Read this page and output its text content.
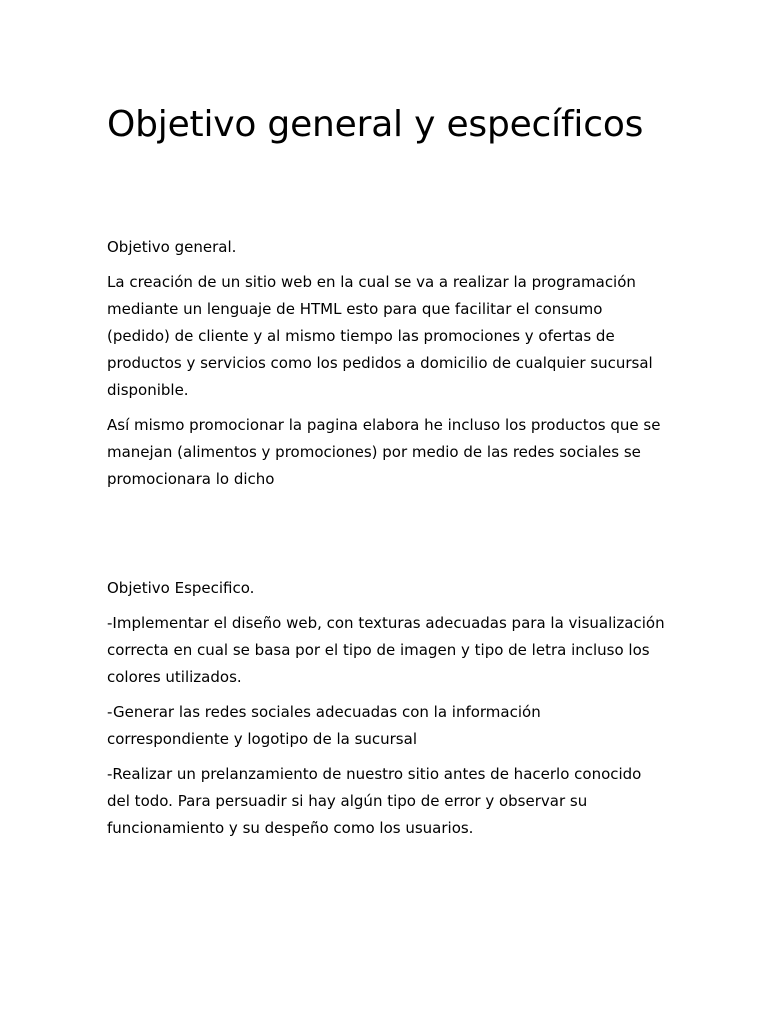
Objetivo general y específicos

Objetivo general.

La creación de un sitio web en la cual se va a realizar la programación mediante un lenguaje de HTML esto para que facilitar el consumo (pedido) de cliente y al mismo tiempo las promociones y ofertas de productos y servicios como los pedidos a domicilio de cualquier sucursal disponible.

Así mismo promocionar la pagina elabora he incluso los productos que se manejan (alimentos y promociones) por medio de las redes sociales se promocionara lo dicho

Objetivo Especifico.

-Implementar el diseño web, con texturas adecuadas para la visualización correcta en cual se basa por el tipo de imagen y tipo de letra incluso los colores utilizados.

-Generar las redes sociales adecuadas con la información correspondiente y logotipo de la sucursal

-Realizar un prelanzamiento de nuestro sitio antes de hacerlo conocido del todo. Para persuadir si hay algún tipo de error y observar su funcionamiento y su despeño como los usuarios.
